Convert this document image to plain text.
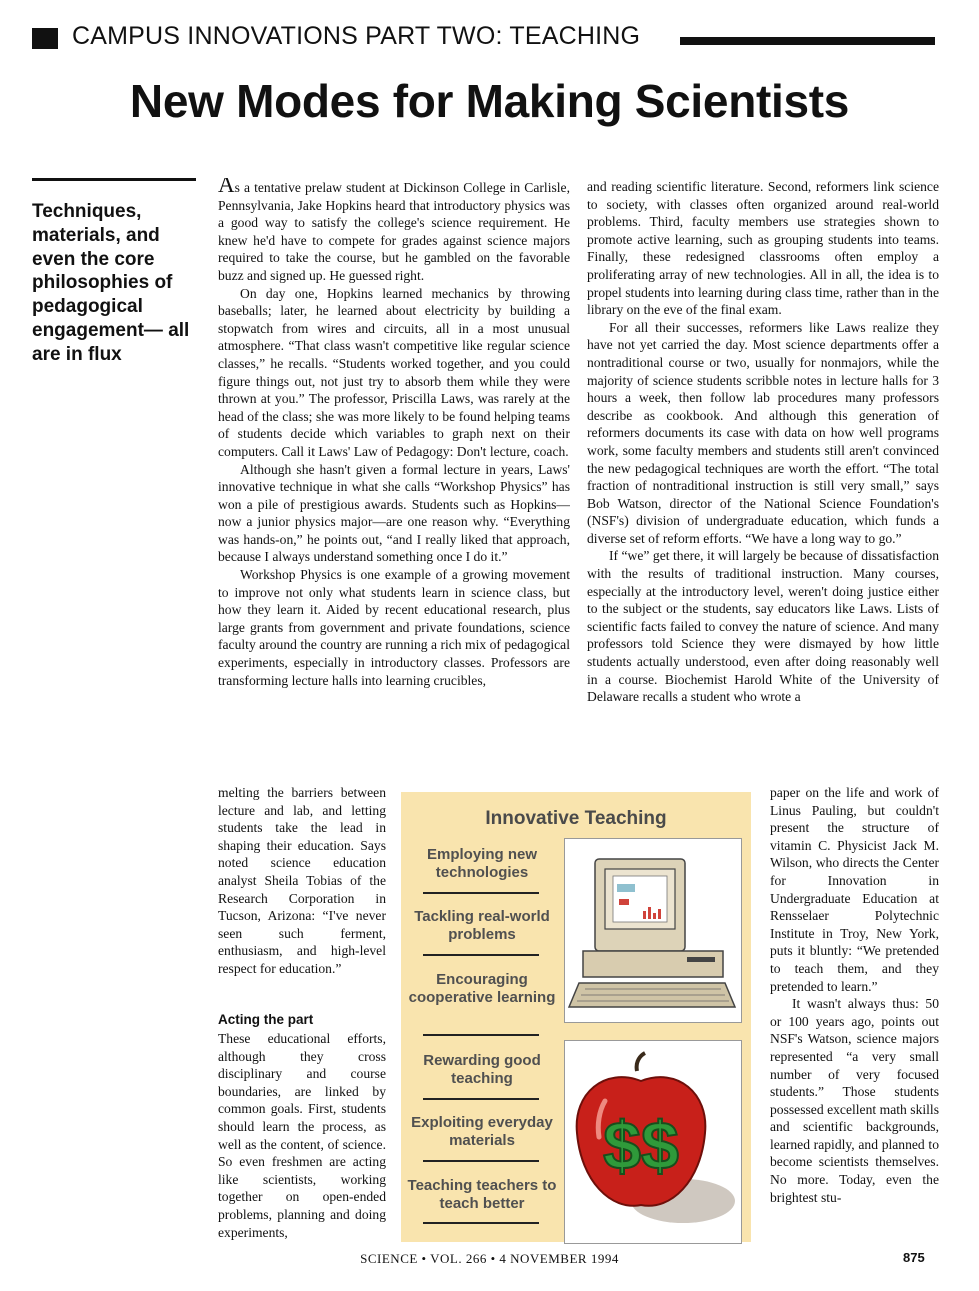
CAMPUS INNOVATIONS PART TWO: TEACHING
New Modes for Making Scientists
Techniques, materials, and even the core philosophies of pedagogical engagement— all are in flux

As a tentative prelaw student at Dickinson College in Carlisle, Pennsylvania, Jake Hopkins heard that introductory physics was a good way to satisfy the college's science requirement. He knew he'd have to compete for grades against science majors required to take the course, but he gambled on the favorable buzz and signed up. He guessed right.

On day one, Hopkins learned mechanics by throwing baseballs; later, he learned about electricity by building a stopwatch from wires and circuits, all in a most unusual atmosphere. “That class wasn't competitive like regular science classes,” he recalls. “Students worked together, and you could figure things out, not just try to absorb them while they were thrown at you.” The professor, Priscilla Laws, was rarely at the head of the class; she was more likely to be found helping teams of students decide which variables to graph next on their computers. Call it Laws' Law of Pedagogy: Don't lecture, coach.

Although she hasn't given a formal lecture in years, Laws' innovative technique in what she calls “Workshop Physics” has won a pile of prestigious awards. Students such as Hopkins—now a junior physics major—are one reason why. “Everything was hands-on,” he points out, “and I really liked that approach, because I always understand something once I do it.”

Workshop Physics is one example of a growing movement to improve not only what students learn in science class, but how they learn it. Aided by recent educational research, plus large grants from government and private foundations, science faculty around the country are running a rich mix of pedagogical experiments, especially in introductory classes. Professors are transforming lecture halls into learning crucibles,

melting the barriers between lecture and lab, and letting students take the lead in shaping their education. Says noted science education analyst Sheila Tobias of the Research Corporation in Tucson, Arizona: “I've never seen such ferment, enthusiasm, and high-level respect for education.”

Acting the part

These educational efforts, although they cross disciplinary and course boundaries, are linked by common goals. First, students should learn the process, as well as the content, of science. So even freshmen are acting like scientists, working together on open-ended problems, planning and doing experiments,

and reading scientific literature. Second, reformers link science to society, with classes often organized around real-world problems. Third, faculty members use strategies shown to promote active learning, such as grouping students into teams. Finally, these redesigned classrooms often employ a proliferating array of new technologies. All in all, the idea is to propel students into learning during class time, rather than in the library on the eve of the final exam.

For all their successes, reformers like Laws realize they have not yet carried the day. Most science departments offer a nontraditional course or two, usually for nonmajors, while the majority of science students scribble notes in lecture halls for 3 hours a week, then follow lab procedures many professors describe as cookbook. And although this generation of reformers documents its case with data on how well programs work, some faculty members and students still aren't convinced the new pedagogical techniques are worth the effort. “The total fraction of nontraditional instruction is still very small,” says Bob Watson, director of the National Science Foundation's (NSF's) division of undergraduate education, which funds a diverse set of reform efforts. “We have a long way to go.”

If “we” get there, it will largely be because of dissatisfaction with the results of traditional instruction. Many courses, especially at the introductory level, weren't doing justice either to the subject or the students, say educators like Laws. Lists of scientific facts failed to convey the nature of science. And many professors told Science they were dismayed by how little students actually understood, even after doing reasonably well in a course. Biochemist Harold White of the University of Delaware recalls a student who wrote a

paper on the life and work of Linus Pauling, but couldn't present the structure of vitamin C. Physicist Jack M. Wilson, who directs the Center for Innovation in Undergraduate Education at Rensselaer Polytechnic Institute in Troy, New York, puts it bluntly: “We pretended to teach them, and they pretended to learn.”

It wasn't always thus: 50 or 100 years ago, points out NSF's Watson, science majors represented “a very small number of very focused students.” Those students possessed excellent math skills and scientific backgrounds, learned rapidly, and planned to become scientists themselves. No more. Today, even the brightest stu-

Innovative Teaching
Employing new technologies
Tackling real-world problems
Encouraging cooperative learning
Rewarding good teaching
Exploiting everyday materials
Teaching teachers to teach better
$$
SCIENCE • VOL. 266 • 4 NOVEMBER 1994	875
